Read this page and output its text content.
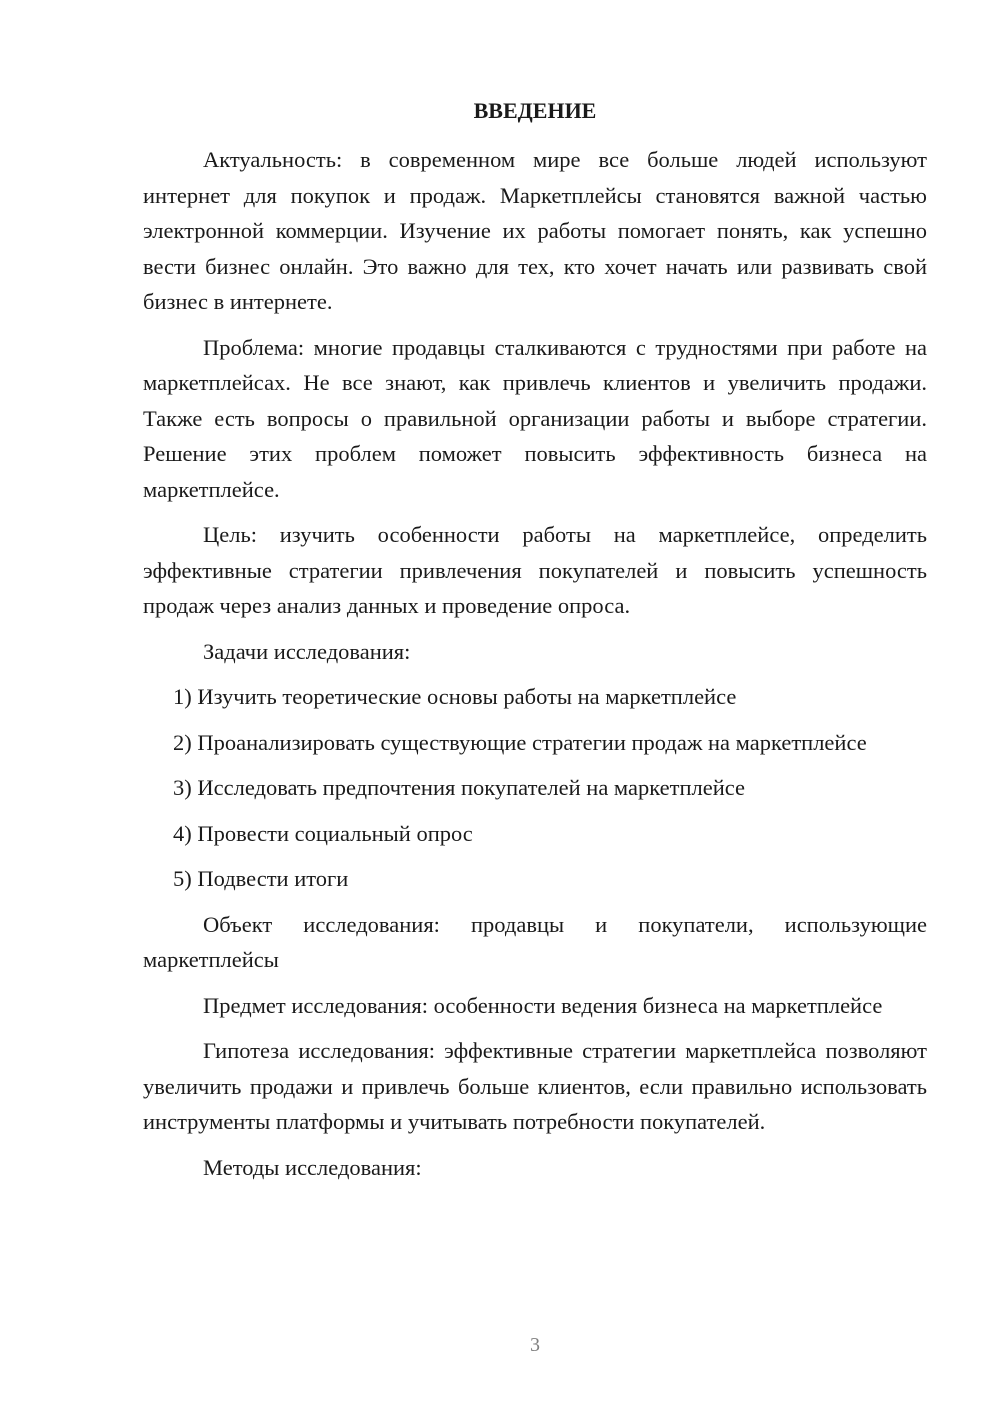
ВВЕДЕНИЕ

Актуальность: в современном мире все больше людей используют интернет для покупок и продаж. Маркетплейсы становятся важной частью электронной коммерции. Изучение их работы помогает понять, как успешно вести бизнес онлайн. Это важно для тех, кто хочет начать или развивать свой бизнес в интернете.

Проблема: многие продавцы сталкиваются с трудностями при работе на маркетплейсах. Не все знают, как привлечь клиентов и увеличить продажи. Также есть вопросы о правильной организации работы и выборе стратегии. Решение этих проблем поможет повысить эффективность бизнеса на маркетплейсе.

Цель: изучить особенности работы на маркетплейсе, определить эффективные стратегии привлечения покупателей и повысить успешность продаж через анализ данных и проведение опроса.

Задачи исследования:

1) Изучить теоретические основы работы на маркетплейсе

2) Проанализировать существующие стратегии продаж на маркетплейсе

3) Исследовать предпочтения покупателей на маркетплейсе

4) Провести социальный опрос

5) Подвести итоги

Объект исследования: продавцы и покупатели, использующие маркетплейсы

Предмет исследования: особенности ведения бизнеса на маркетплейсе

Гипотеза исследования: эффективные стратегии маркетплейса позволяют увеличить продажи и привлечь больше клиентов, если правильно использовать инструменты платформы и учитывать потребности покупателей.

Методы исследования:

3
